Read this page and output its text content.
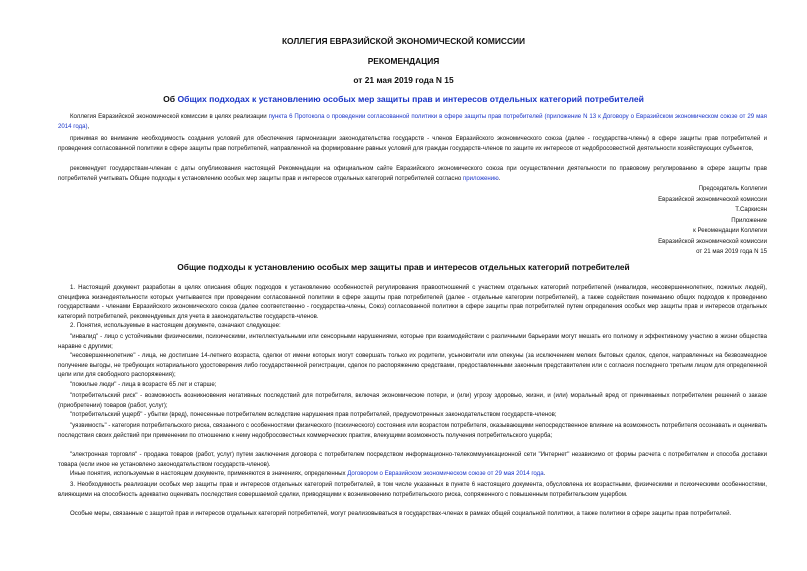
КОЛЛЕГИЯ ЕВРАЗИЙСКОЙ ЭКОНОМИЧЕСКОЙ КОМИССИИ
РЕКОМЕНДАЦИЯ
от 21 мая 2019 года N 15
Об Общих подходах к установлению особых мер защиты прав и интересов отдельных категорий потребителей

Коллегия Евразийской экономической комиссии в целях реализации пункта 6 Протокола о проведении согласованной политики в сфере защиты прав потребителей (приложение N 13 к Договору о Евразийском экономическом союзе от 29 мая 2014 года),

принимая во внимание необходимость создания условий для обеспечения гармонизации законодательства государств - членов Евразийского экономического союза (далее - государства-члены) в сфере защиты прав потребителей и проведения согласованной политики в сфере защиты прав потребителей, направленной на формирование равных условий для граждан государств-членов по защите их интересов от недобросовестной деятельности хозяйствующих субъектов,

рекомендует государствам-членам с даты опубликования настоящей Рекомендации на официальном сайте Евразийского экономического союза при осуществлении деятельности по правовому регулированию в сфере защиты прав потребителей учитывать Общие подходы к установлению особых мер защиты прав и интересов отдельных категорий потребителей согласно приложению.

Председатель Коллегии
Евразийской экономической комиссии
Т.Саркисян
Приложение
к Рекомендации Коллегии
Евразийской экономической комиссии
от 21 мая 2019 года N 15
Общие подходы к установлению особых мер защиты прав и интересов отдельных категорий потребителей

1. Настоящий документ разработан в целях описания общих подходов к установлению особенностей регулирования правоотношений с участием отдельных категорий потребителей (инвалидов, несовершеннолетних, пожилых людей), специфика жизнедеятельности которых учитывается при проведении согласованной политики в сфере защиты прав потребителей (далее - отдельные категории потребителей), а также содействия пониманию общих подходов к проведению государствами - членами Евразийского экономического союза (далее соответственно - государства-члены, Союз) согласованной политики в сфере защиты прав потребителей путем определения особых мер защиты прав и интересов отдельных категорий потребителей, рекомендуемых для учета в законодательстве государств-членов.

2. Понятия, используемые в настоящем документе, означают следующее:

"инвалид" - лицо с устойчивыми физическими, психическими, интеллектуальными или сенсорными нарушениями, которые при взаимодействии с различными барьерами могут мешать его полному и эффективному участию в жизни общества наравне с другими;

"несовершеннолетние" - лица, не достигшие 14-летнего возраста, сделки от имени которых могут совершать только их родители, усыновители или опекуны (за исключением мелких бытовых сделок, сделок, направленных на безвозмездное получение выгоды, не требующих нотариального удостоверения либо государственной регистрации, сделок по распоряжению средствами, предоставленными законным представителем или с согласия последнего третьим лицом для определенной цели или для свободного распоряжения);

"пожилые люди" - лица в возрасте 65 лет и старше;

"потребительский риск" - возможность возникновения негативных последствий для потребителя, включая экономические потери, и (или) угрозу здоровью, жизни, и (или) моральный вред от принимаемых потребителем решений о заказе (приобретении) товаров (работ, услуг);

"потребительский ущерб" - убытки (вред), понесенные потребителем вследствие нарушения прав потребителей, предусмотренных законодательством государств-членов;

"уязвимость" - категория потребительского риска, связанного с особенностями физического (психического) состояния или возрастом потребителя, оказывающими непосредственное влияние на возможность потребителя осознавать и оценивать последствия своих действий при применении по отношению к нему недобросовестных коммерческих практик, влекущими возможность получения потребительского ущерба;

"электронная торговля" - продажа товаров (работ, услуг) путем заключения договора с потребителем посредством информационно-телекоммуникационной сети "Интернет" независимо от формы расчета с потребителем и способа доставки товара (если иное не установлено законодательством государств-членов).

Иные понятия, используемые в настоящем документе, применяются в значениях, определенных Договором о Евразийском экономическом союзе от 29 мая 2014 года.

3. Необходимость реализации особых мер защиты прав и интересов отдельных категорий потребителей, в том числе указанных в пункте 6 настоящего документа, обусловлена их возрастными, физическими и психическими особенностями, влияющими на способность адекватно оценивать последствия совершаемой сделки, приводящими к возникновению потребительского риска, сопряженного с повышенным потребительским ущербом.

Особые меры, связанные с защитой прав и интересов отдельных категорий потребителей, могут реализовываться в государствах-членах в рамках общей социальной политики, а также политики в сфере защиты прав потребителей.
